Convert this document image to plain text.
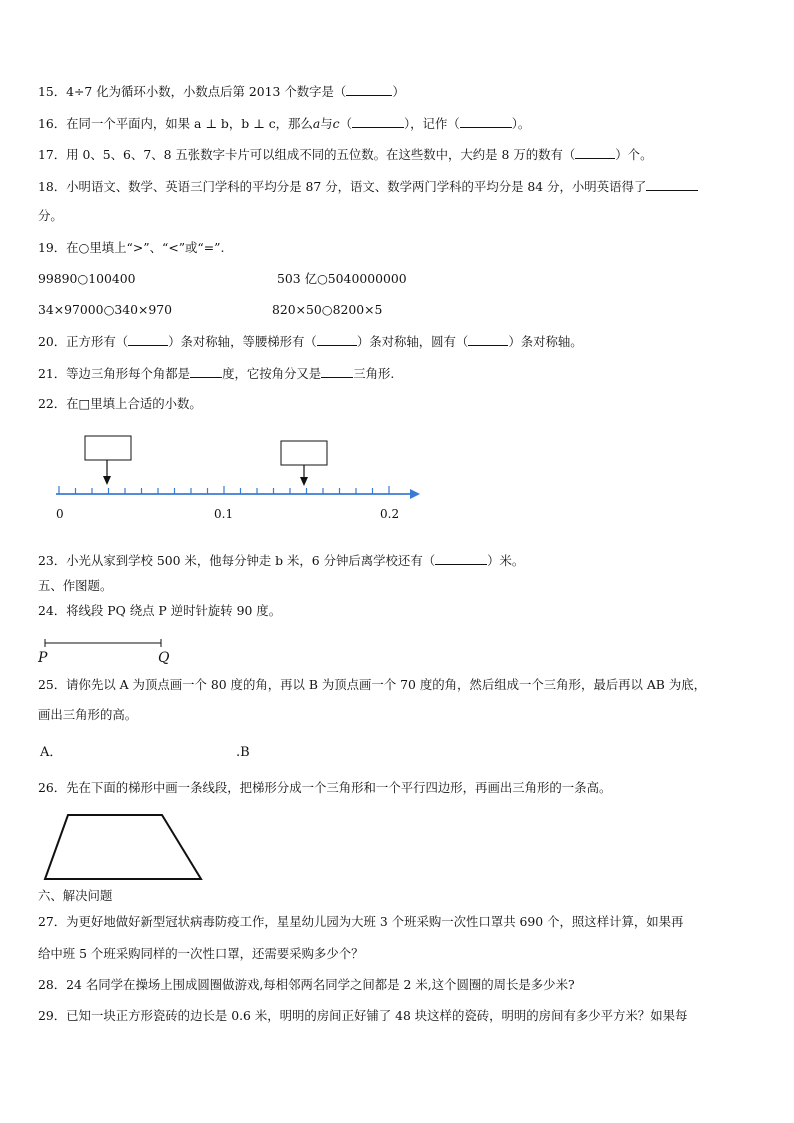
15．4÷7 化为循环小数，小数点后第 2013 个数字是（	）
16．在同一个平面内，如果 a ⊥ b，b ⊥ c，那么a与c（	），记作（	）。
17．用 0、5、6、7、8 五张数字卡片可以组成不同的五位数。在这些数中，大约是 8 万的数有（	）个。
18．小明语文、数学、英语三门学科的平均分是 87 分，语文、数学两门学科的平均分是 84 分，小明英语得了
分。
19．在○里填上“>”、“<”或“=”.
99890○100400	503 亿○5040000000
34×97000○340×970	820×50○8200×5
20．正方形有（	）条对称轴，等腰梯形有（	）条对称轴，圆有（	）条对称轴。
21．等边三角形每个角都是	度，它按角分又是	三角形.
22．在□里填上合适的小数。
0	0.1	0.2
23．小光从家到学校 500 米，他每分钟走 b 米，6 分钟后离学校还有（	）米。
五、作图题。
24．将线段 PQ 绕点 P 逆时针旋转 90 度。
P	Q
25．请你先以 A 为顶点画一个 80 度的角，再以 B 为顶点画一个 70 度的角，然后组成一个三角形，最后再以 AB 为底，
画出三角形的高。
A．	.B
26．先在下面的梯形中画一条线段，把梯形分成一个三角形和一个平行四边形，再画出三角形的一条高。
六、解决问题
27．为更好地做好新型冠状病毒防疫工作，星星幼儿园为大班 3 个班采购一次性口罩共 690 个，照这样计算，如果再
给中班 5 个班采购同样的一次性口罩，还需要采购多少个？
28．24 名同学在操场上围成圆圈做游戏,每相邻两名同学之间都是 2 米,这个圆圈的周长是多少米?
29．已知一块正方形瓷砖的边长是 0.6 米，明明的房间正好铺了 48 块这样的瓷砖，明明的房间有多少平方米？如果每
